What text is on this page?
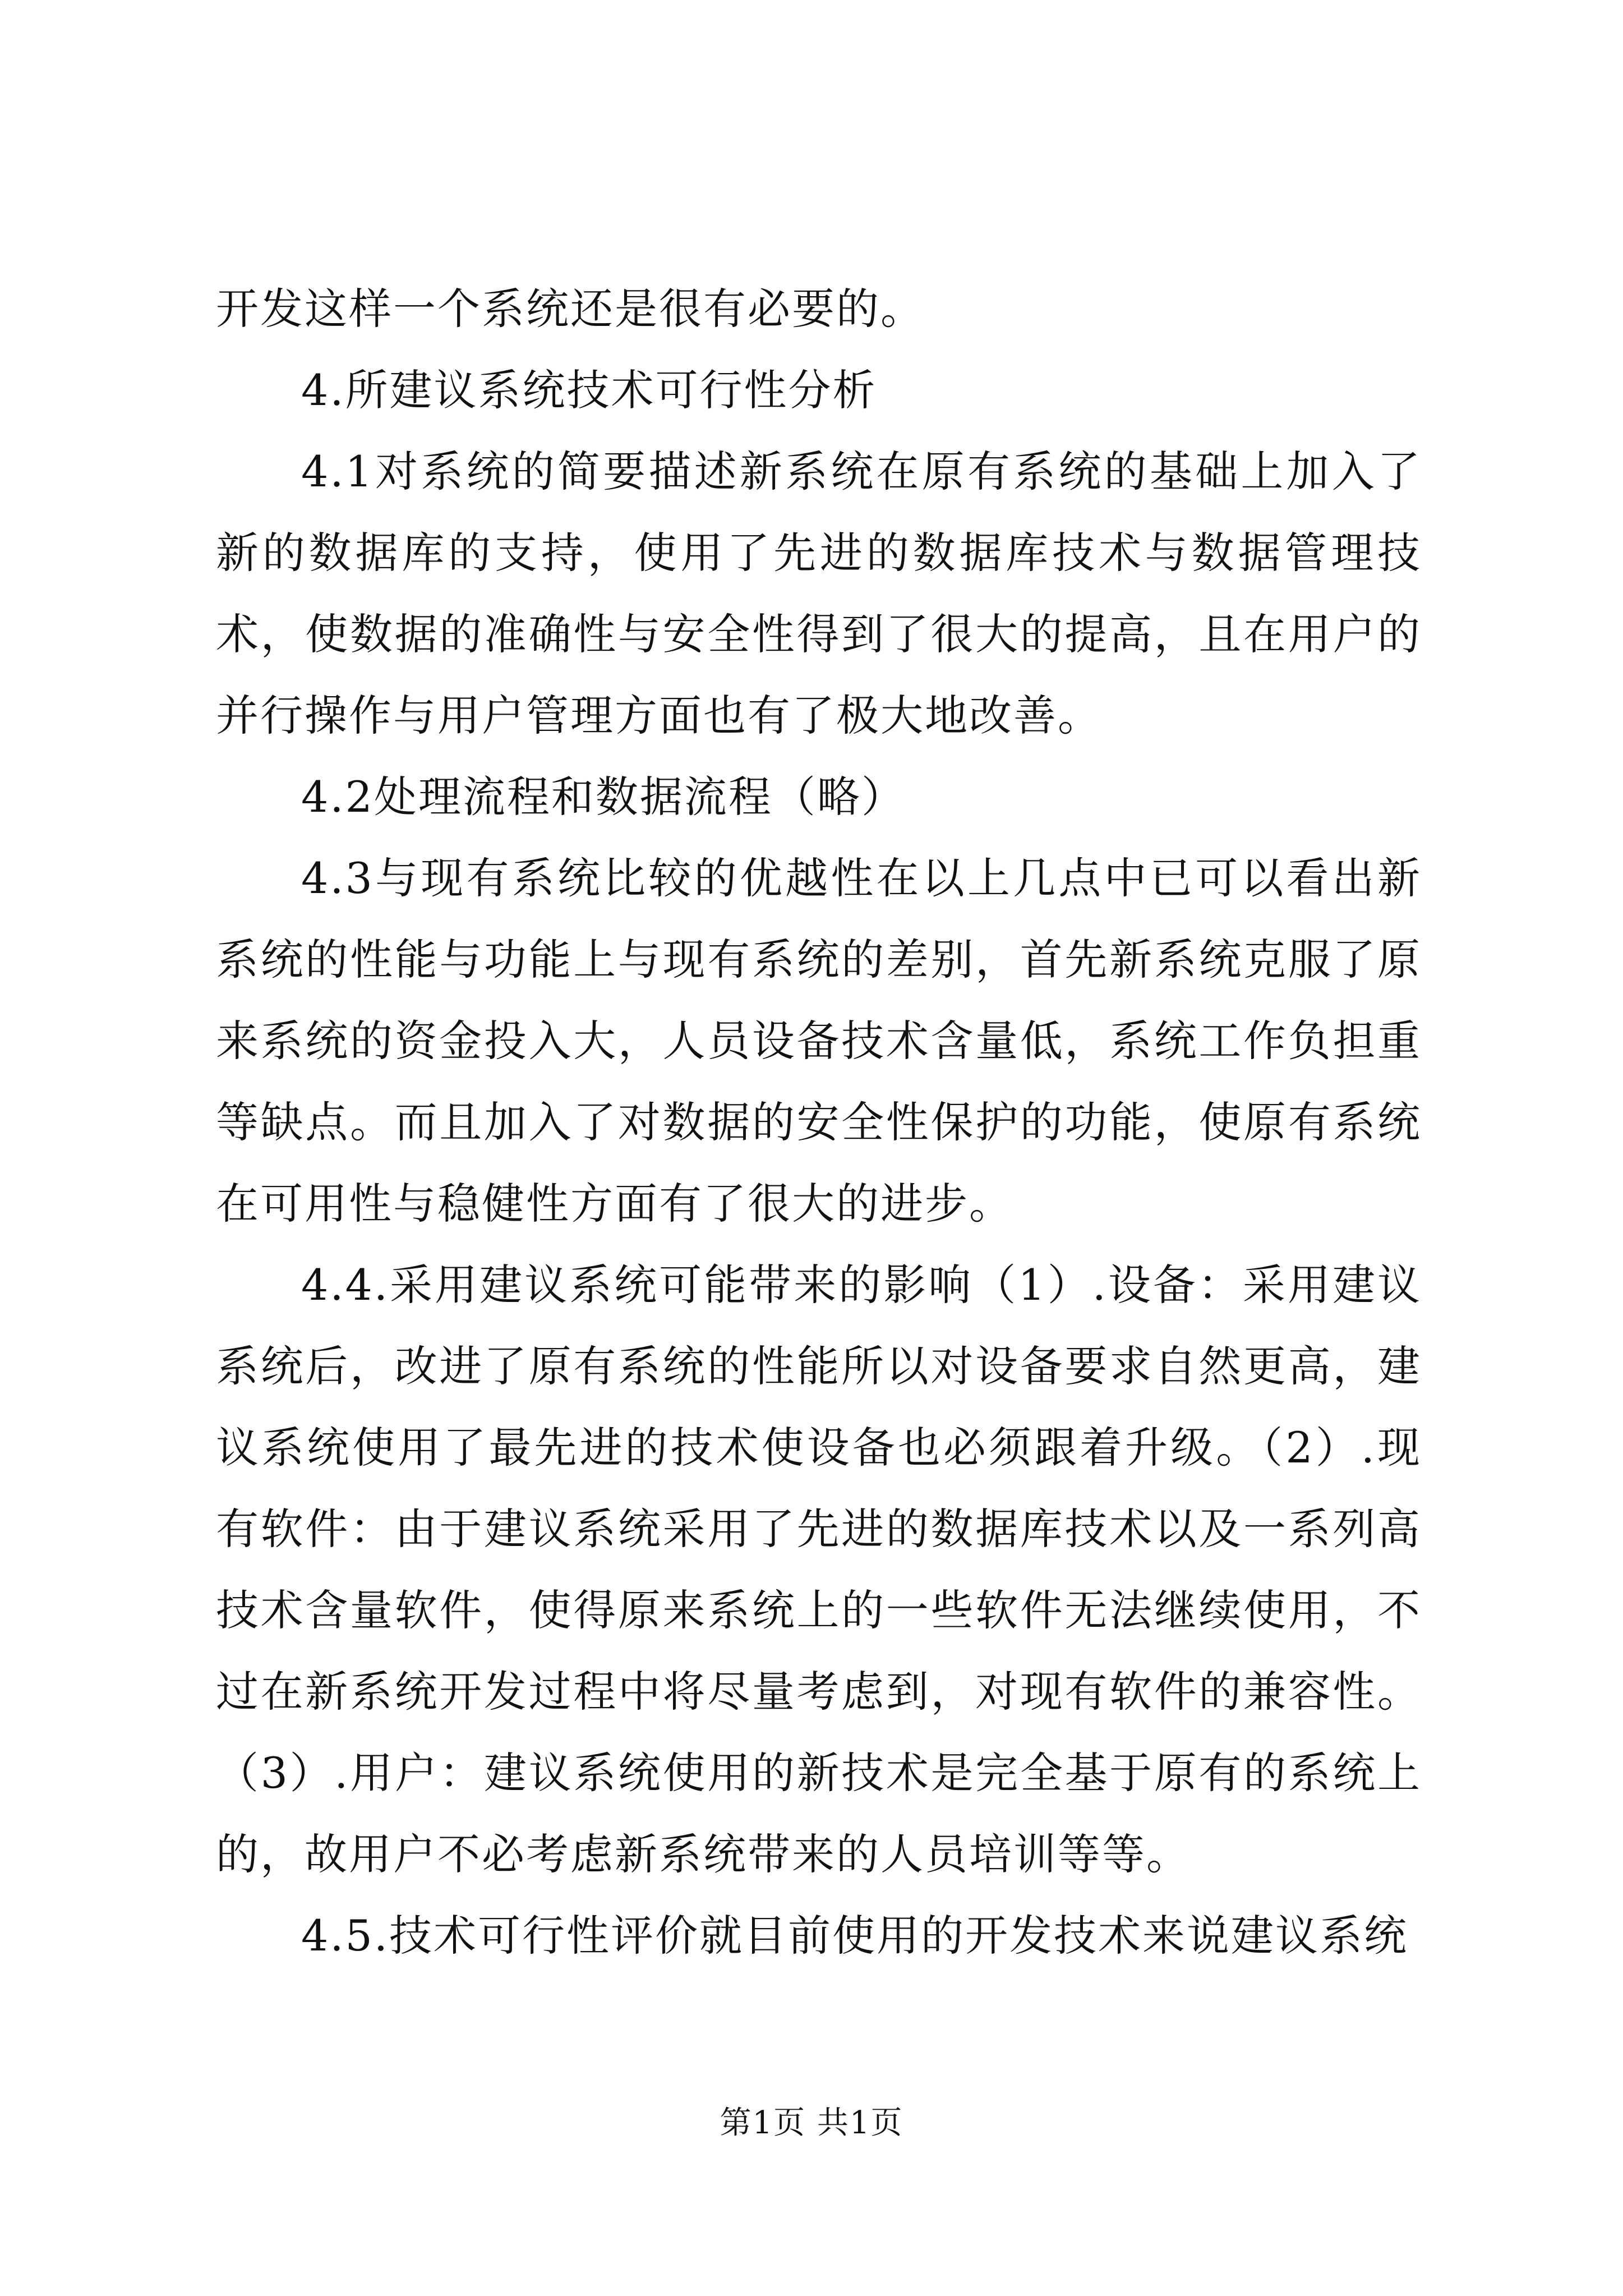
开发这样一个系统还是很有必要的。

4.所建议系统技术可行性分析

4.1对系统的简要描述新系统在原有系统的基础上加入了新的数据库的支持，使用了先进的数据库技术与数据管理技术，使数据的准确性与安全性得到了很大的提高，且在用户的并行操作与用户管理方面也有了极大地改善。

4.2处理流程和数据流程（略）

4.3与现有系统比较的优越性在以上几点中已可以看出新系统的性能与功能上与现有系统的差别，首先新系统克服了原来系统的资金投入大，人员设备技术含量低，系统工作负担重等缺点。而且加入了对数据的安全性保护的功能，使原有系统在可用性与稳健性方面有了很大的进步。

4.4.采用建议系统可能带来的影响（1）.设备：采用建议系统后，改进了原有系统的性能所以对设备要求自然更高，建议系统使用了最先进的技术使设备也必须跟着升级。（2）.现有软件：由于建议系统采用了先进的数据库技术以及一系列高技术含量软件，使得原来系统上的一些软件无法继续使用，不过在新系统开发过程中将尽量考虑到，对现有软件的兼容性。（3）.用户：建议系统使用的新技术是完全基于原有的系统上的，故用户不必考虑新系统带来的人员培训等等。

4.5.技术可行性评价就目前使用的开发技术来说建议系统

第1页 共1页
